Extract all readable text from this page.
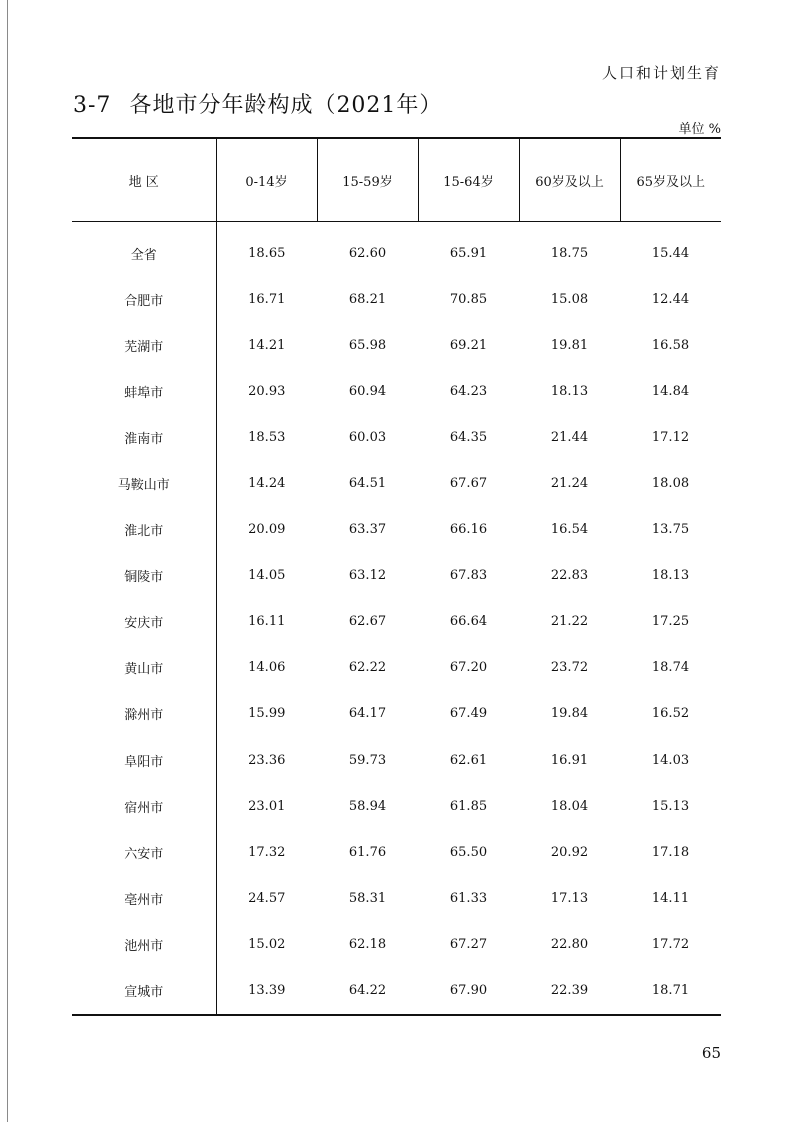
人口和计划生育
3-7 各地市分年龄构成（2021年）
单位 %
地 区	0-14岁	15-59岁	15-64岁	60岁及以上	65岁及以上
全省	18.65	62.60	65.91	18.75	15.44
合肥市	16.71	68.21	70.85	15.08	12.44
芜湖市	14.21	65.98	69.21	19.81	16.58
蚌埠市	20.93	60.94	64.23	18.13	14.84
淮南市	18.53	60.03	64.35	21.44	17.12
马鞍山市	14.24	64.51	67.67	21.24	18.08
淮北市	20.09	63.37	66.16	16.54	13.75
铜陵市	14.05	63.12	67.83	22.83	18.13
安庆市	16.11	62.67	66.64	21.22	17.25
黄山市	14.06	62.22	67.20	23.72	18.74
滁州市	15.99	64.17	67.49	19.84	16.52
阜阳市	23.36	59.73	62.61	16.91	14.03
宿州市	23.01	58.94	61.85	18.04	15.13
六安市	17.32	61.76	65.50	20.92	17.18
亳州市	24.57	58.31	61.33	17.13	14.11
池州市	15.02	62.18	67.27	22.80	17.72
宣城市	13.39	64.22	67.90	22.39	18.71
65
